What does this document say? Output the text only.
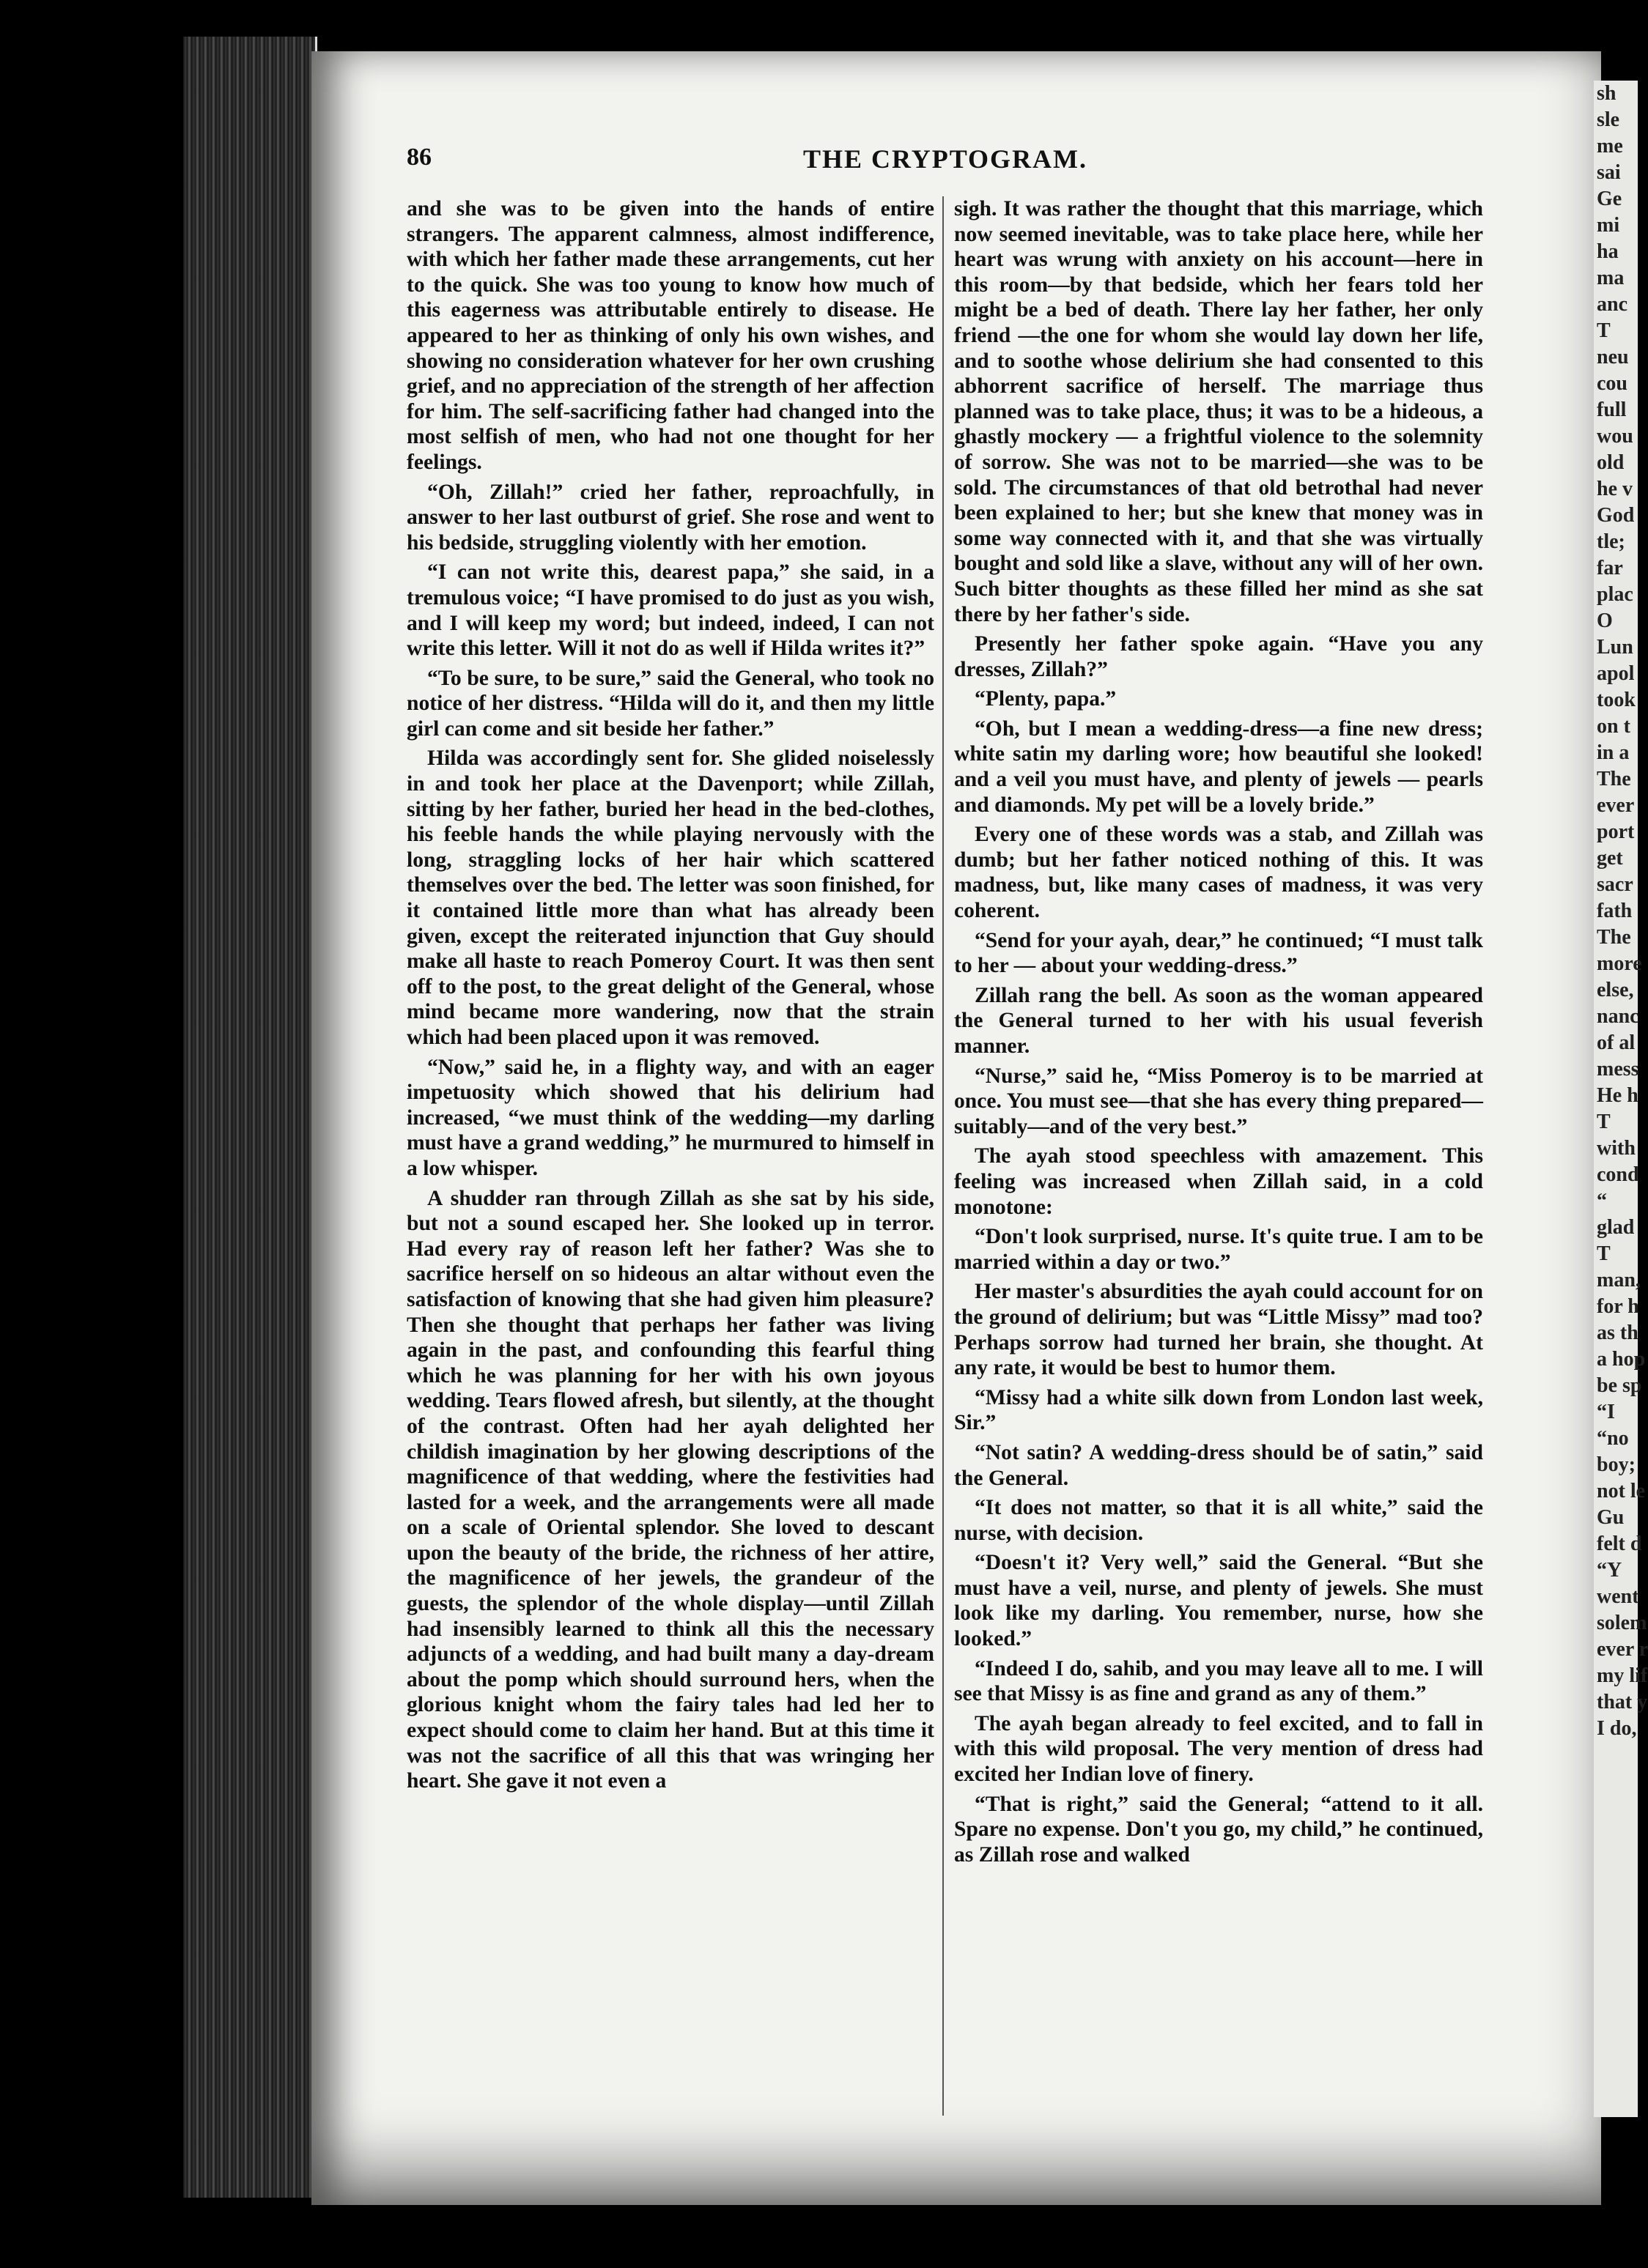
sh
sle
me
sai
Ge
mi
ha
ma
anc
T
neu
cou
full
wou
old
he v
God
tle;
far
plac
O
Lun
apol
took
on t
in a
The
ever
port
get
sacr
fath
The
more
else,
nanc
of al
mess
He h
T
with
cond
“
glad
T
man,
for h
as th
a hop
be sp
“I
“no
boy;
not le
Gu
felt d
“Y
went
solem
ever r
my lif
that y
I do,
86	THE CRYPTOGRAM.

and she was to be given into the hands of entire strangers. The apparent calmness, almost indifference, with which her father made these arrangements, cut her to the quick. She was too young to know how much of this eagerness was attributable entirely to disease. He appeared to her as thinking of only his own wishes, and showing no consideration whatever for her own crushing grief, and no appreciation of the strength of her affection for him. The self-sacrificing father had changed into the most selfish of men, who had not one thought for her feelings.

“Oh, Zillah!” cried her father, reproachfully, in answer to her last outburst of grief. She rose and went to his bedside, struggling violently with her emotion.

“I can not write this, dearest papa,” she said, in a tremulous voice; “I have promised to do just as you wish, and I will keep my word; but indeed, indeed, I can not write this letter. Will it not do as well if Hilda writes it?”

“To be sure, to be sure,” said the General, who took no notice of her distress. “Hilda will do it, and then my little girl can come and sit beside her father.”

Hilda was accordingly sent for. She glided noiselessly in and took her place at the Davenport; while Zillah, sitting by her father, buried her head in the bed-clothes, his feeble hands the while playing nervously with the long, straggling locks of her hair which scattered themselves over the bed. The letter was soon finished, for it contained little more than what has already been given, except the reiterated injunction that Guy should make all haste to reach Pomeroy Court. It was then sent off to the post, to the great delight of the General, whose mind became more wandering, now that the strain which had been placed upon it was removed.

“Now,” said he, in a flighty way, and with an eager impetuosity which showed that his delirium had increased, “we must think of the wedding—my darling must have a grand wedding,” he murmured to himself in a low whisper.

A shudder ran through Zillah as she sat by his side, but not a sound escaped her. She looked up in terror. Had every ray of reason left her father? Was she to sacrifice herself on so hideous an altar without even the satisfaction of knowing that she had given him pleasure? Then she thought that perhaps her father was living again in the past, and confounding this fearful thing which he was planning for her with his own joyous wedding. Tears flowed afresh, but silently, at the thought of the contrast. Often had her ayah delighted her childish imagination by her glowing descriptions of the magnificence of that wedding, where the festivities had lasted for a week, and the arrangements were all made on a scale of Oriental splendor. She loved to descant upon the beauty of the bride, the richness of her attire, the magnificence of her jewels, the grandeur of the guests, the splendor of the whole display—until Zillah had insensibly learned to think all this the necessary adjuncts of a wedding, and had built many a day-dream about the pomp which should surround hers, when the glorious knight whom the fairy tales had led her to expect should come to claim her hand. But at this time it was not the sacrifice of all this that was wringing her heart. She gave it not even a

sigh. It was rather the thought that this marriage, which now seemed inevitable, was to take place here, while her heart was wrung with anxiety on his account—here in this room—by that bedside, which her fears told her might be a bed of death. There lay her father, her only friend —the one for whom she would lay down her life, and to soothe whose delirium she had consented to this abhorrent sacrifice of herself. The marriage thus planned was to take place, thus; it was to be a hideous, a ghastly mockery — a frightful violence to the solemnity of sorrow. She was not to be married—she was to be sold. The circumstances of that old betrothal had never been explained to her; but she knew that money was in some way connected with it, and that she was virtually bought and sold like a slave, without any will of her own. Such bitter thoughts as these filled her mind as she sat there by her father's side.

Presently her father spoke again. “Have you any dresses, Zillah?”

“Plenty, papa.”

“Oh, but I mean a wedding-dress—a fine new dress; white satin my darling wore; how beautiful she looked! and a veil you must have, and plenty of jewels — pearls and diamonds. My pet will be a lovely bride.”

Every one of these words was a stab, and Zillah was dumb; but her father noticed nothing of this. It was madness, but, like many cases of madness, it was very coherent.

“Send for your ayah, dear,” he continued; “I must talk to her — about your wedding-dress.”

Zillah rang the bell. As soon as the woman appeared the General turned to her with his usual feverish manner.

“Nurse,” said he, “Miss Pomeroy is to be married at once. You must see—that she has every thing prepared—suitably—and of the very best.”

The ayah stood speechless with amazement. This feeling was increased when Zillah said, in a cold monotone:

“Don't look surprised, nurse. It's quite true. I am to be married within a day or two.”

Her master's absurdities the ayah could account for on the ground of delirium; but was “Little Missy” mad too? Perhaps sorrow had turned her brain, she thought. At any rate, it would be best to humor them.

“Missy had a white silk down from London last week, Sir.”

“Not satin? A wedding-dress should be of satin,” said the General.

“It does not matter, so that it is all white,” said the nurse, with decision.

“Doesn't it? Very well,” said the General. “But she must have a veil, nurse, and plenty of jewels. She must look like my darling. You remember, nurse, how she looked.”

“Indeed I do, sahib, and you may leave all to me. I will see that Missy is as fine and grand as any of them.”

The ayah began already to feel excited, and to fall in with this wild proposal. The very mention of dress had excited her Indian love of finery.

“That is right,” said the General; “attend to it all. Spare no expense. Don't you go, my child,” he continued, as Zillah rose and walked
